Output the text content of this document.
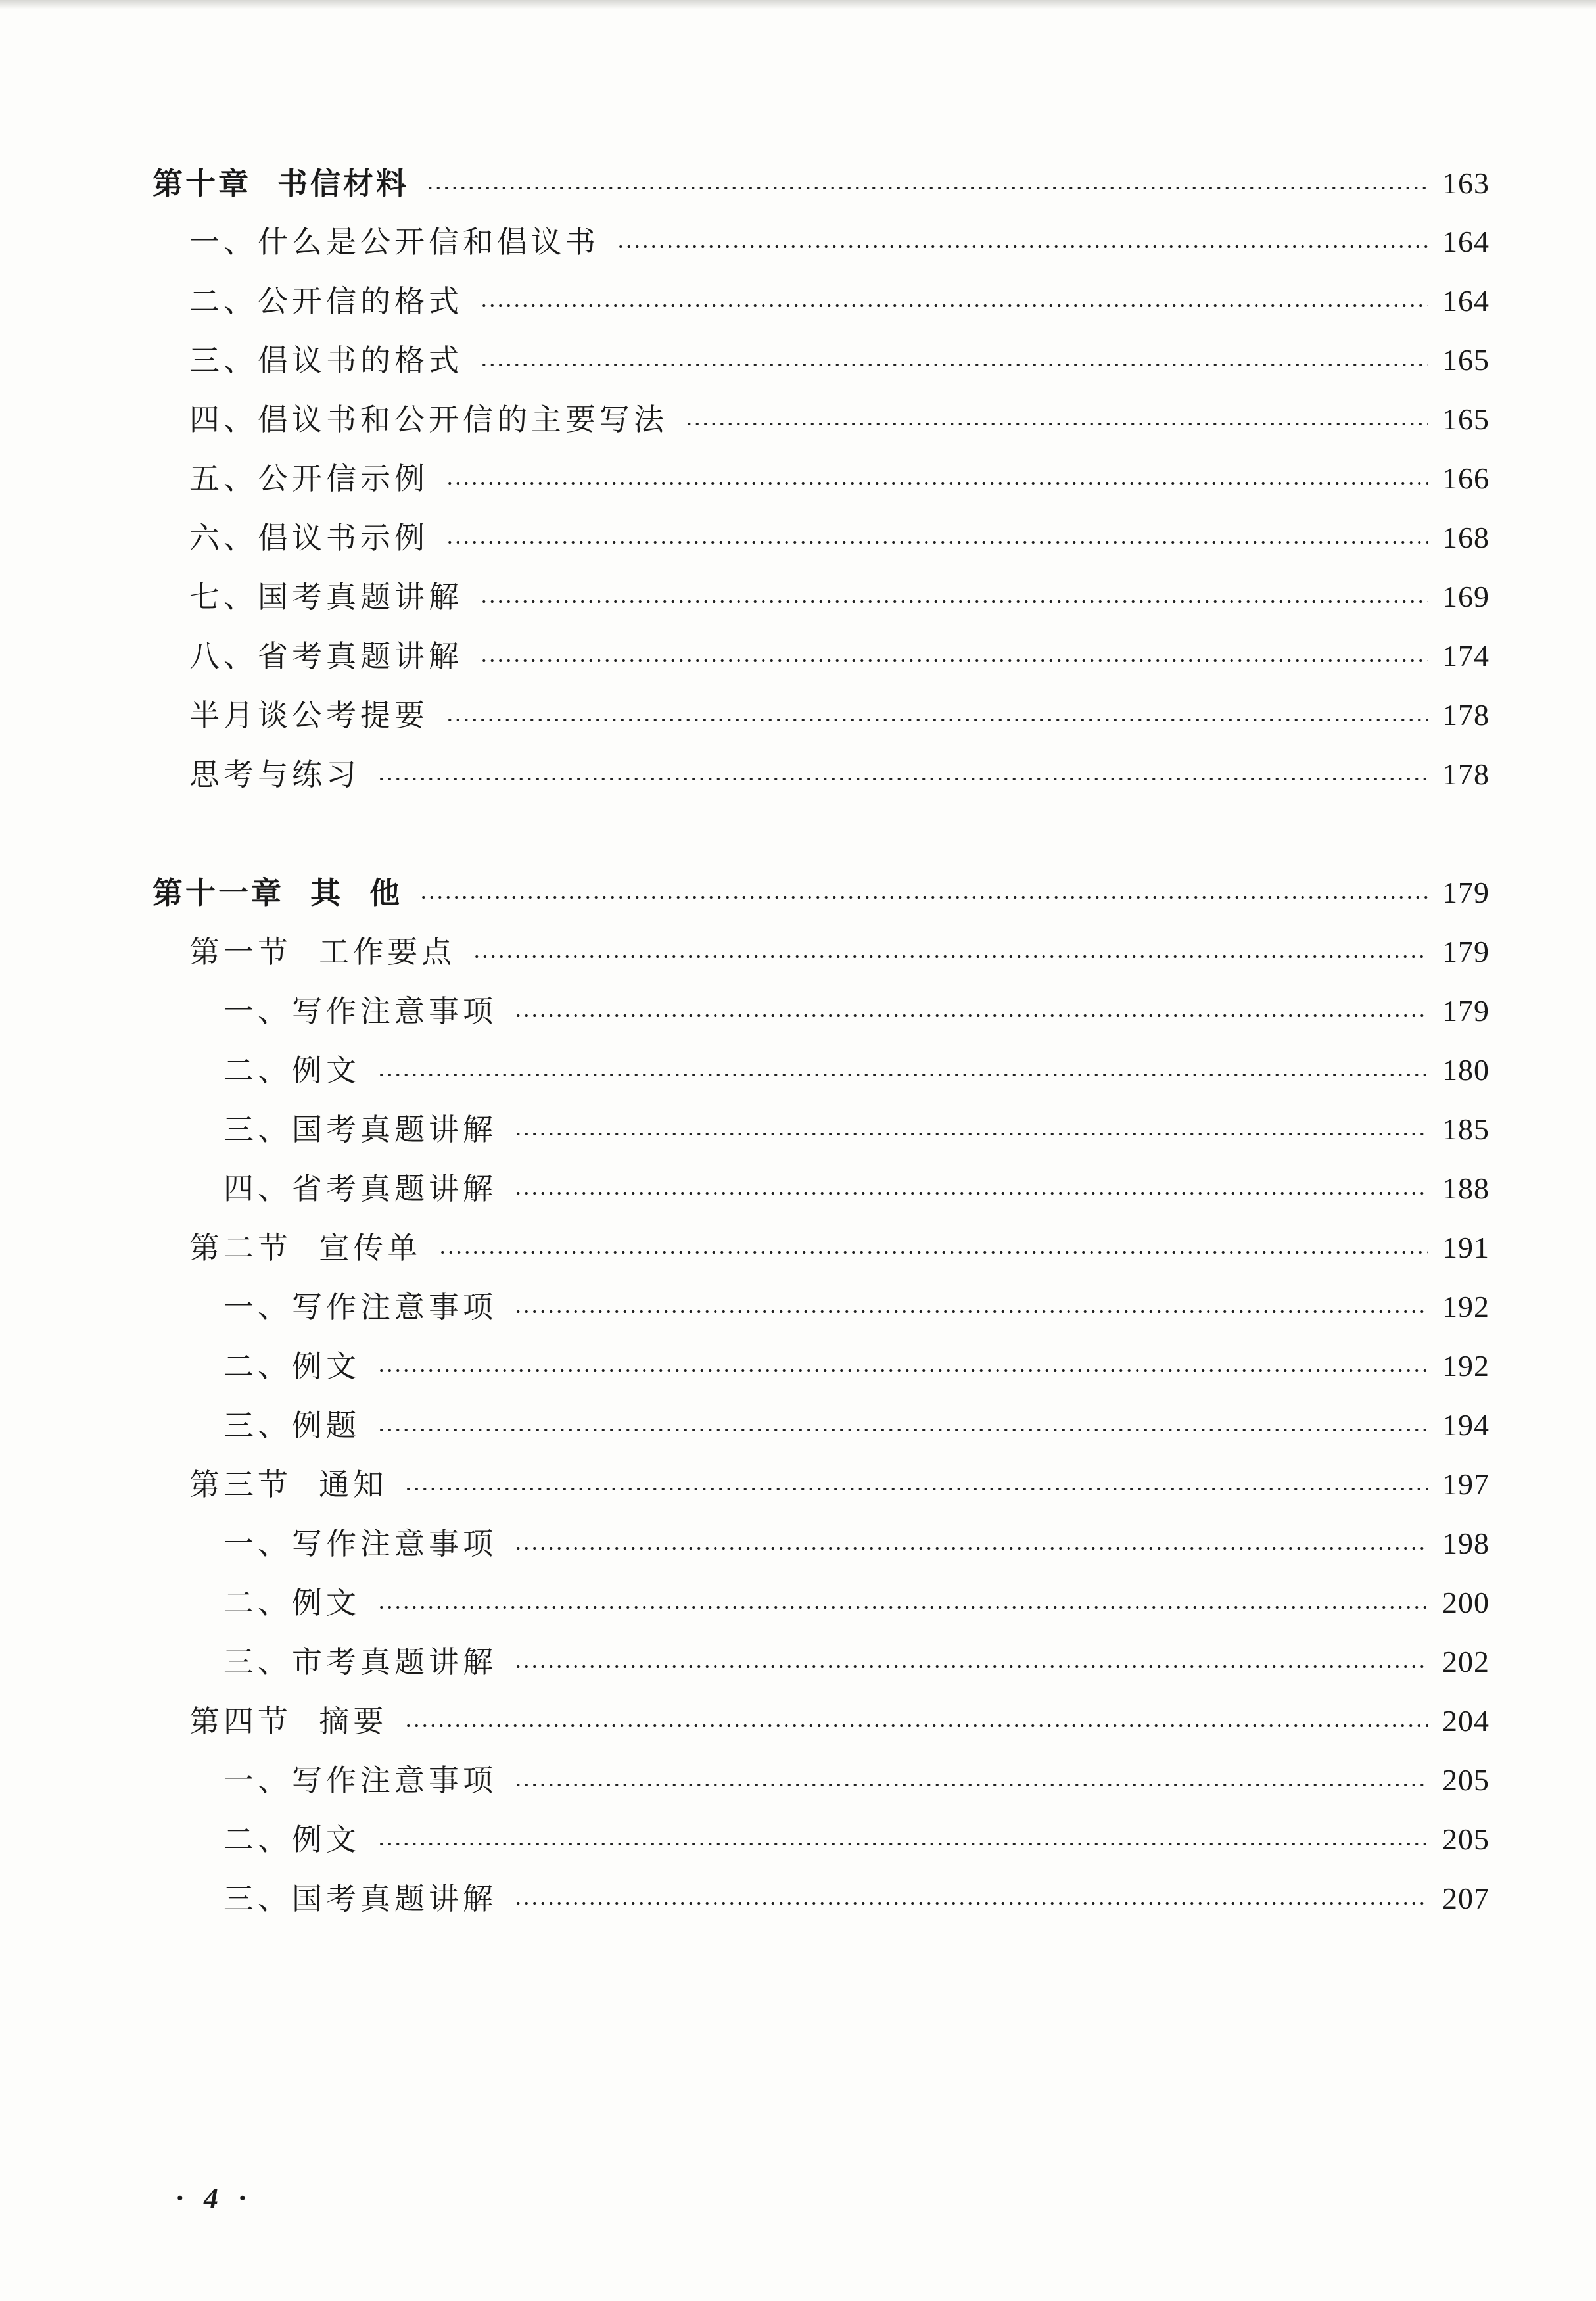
第十章  书信材料	163
一、什么是公开信和倡议书	164
二、公开信的格式	164
三、倡议书的格式	165
四、倡议书和公开信的主要写法	165
五、公开信示例	166
六、倡议书示例	168
七、国考真题讲解	169
八、省考真题讲解	174
半月谈公考提要	178
思考与练习	178
第十一章  其  他	179
第一节  工作要点	179
一、写作注意事项	179
二、例文	180
三、国考真题讲解	185
四、省考真题讲解	188
第二节  宣传单	191
一、写作注意事项	192
二、例文	192
三、例题	194
第三节  通知	197
一、写作注意事项	198
二、例文	200
三、市考真题讲解	202
第四节  摘要	204
一、写作注意事项	205
二、例文	205
三、国考真题讲解	207
· 4 ·
